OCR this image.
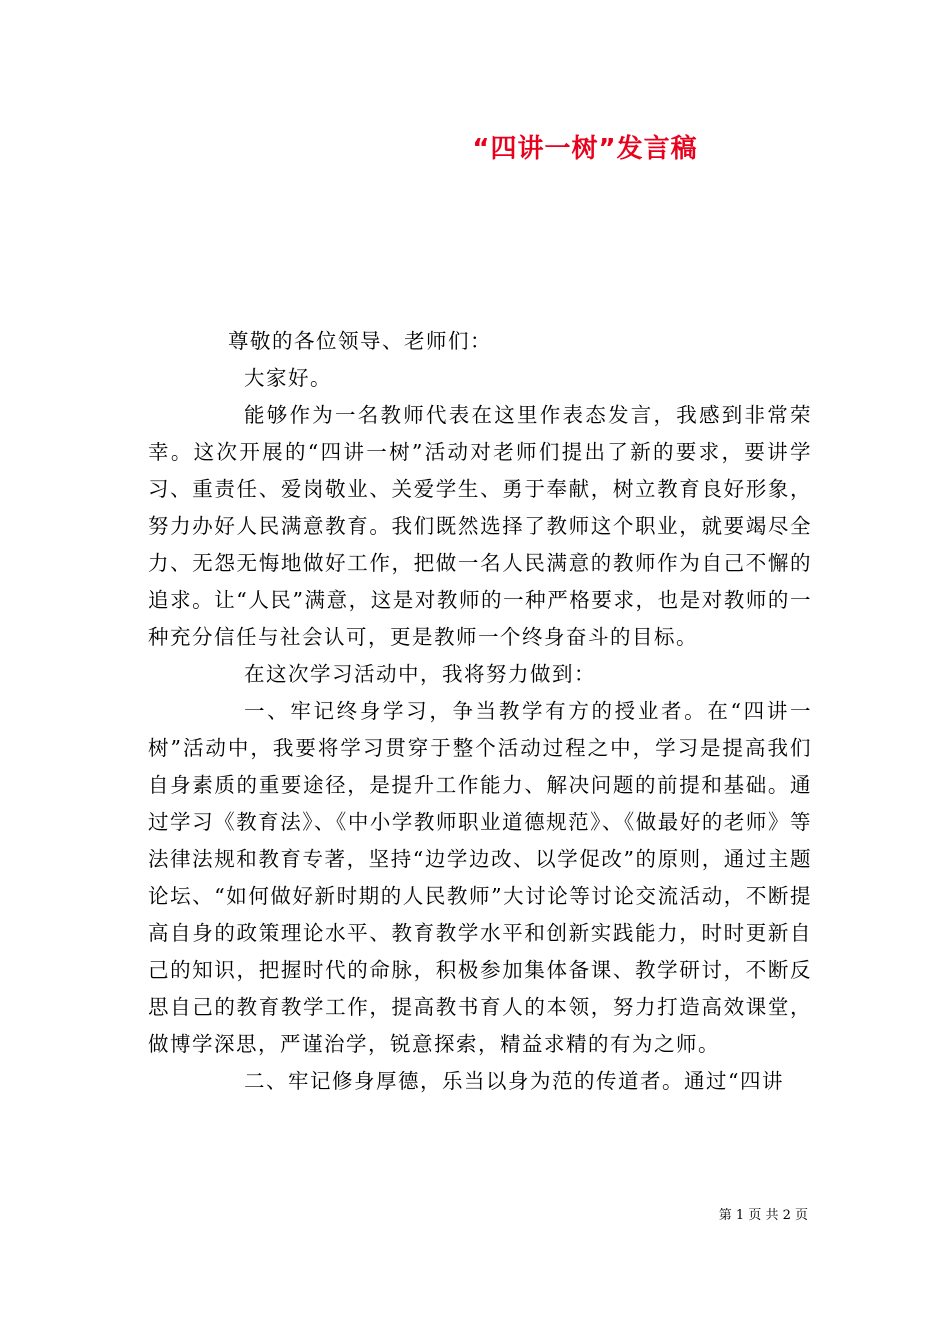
“四讲一树”发言稿

尊敬的各位领导、老师们：

大家好。

能够作为一名教师代表在这里作表态发言，我感到非常荣幸。这次开展的“四讲一树”活动对老师们提出了新的要求，要讲学习、重责任、爱岗敬业、关爱学生、勇于奉献，树立教育良好形象，努力办好人民满意教育。我们既然选择了教师这个职业，就要竭尽全力、无怨无悔地做好工作，把做一名人民满意的教师作为自己不懈的追求。让“人民”满意，这是对教师的一种严格要求，也是对教师的一种充分信任与社会认可，更是教师一个终身奋斗的目标。

在这次学习活动中，我将努力做到：

一、牢记终身学习，争当教学有方的授业者。在“四讲一树”活动中，我要将学习贯穿于整个活动过程之中，学习是提高我们自身素质的重要途径，是提升工作能力、解决问题的前提和基础。通过学习《教育法》、《中小学教师职业道德规范》、《做最好的老师》等法律法规和教育专著，坚持“边学边改、以学促改”的原则，通过主题论坛、“如何做好新时期的人民教师”大讨论等讨论交流活动，不断提高自身的政策理论水平、教育教学水平和创新实践能力，时时更新自己的知识，把握时代的命脉，积极参加集体备课、教学研讨，不断反思自己的教育教学工作，提高教书育人的本领，努力打造高效课堂，做博学深思，严谨治学，锐意探索，精益求精的有为之师。

二、牢记修身厚德，乐当以身为范的传道者。通过“四讲

第 1 页 共 2 页
